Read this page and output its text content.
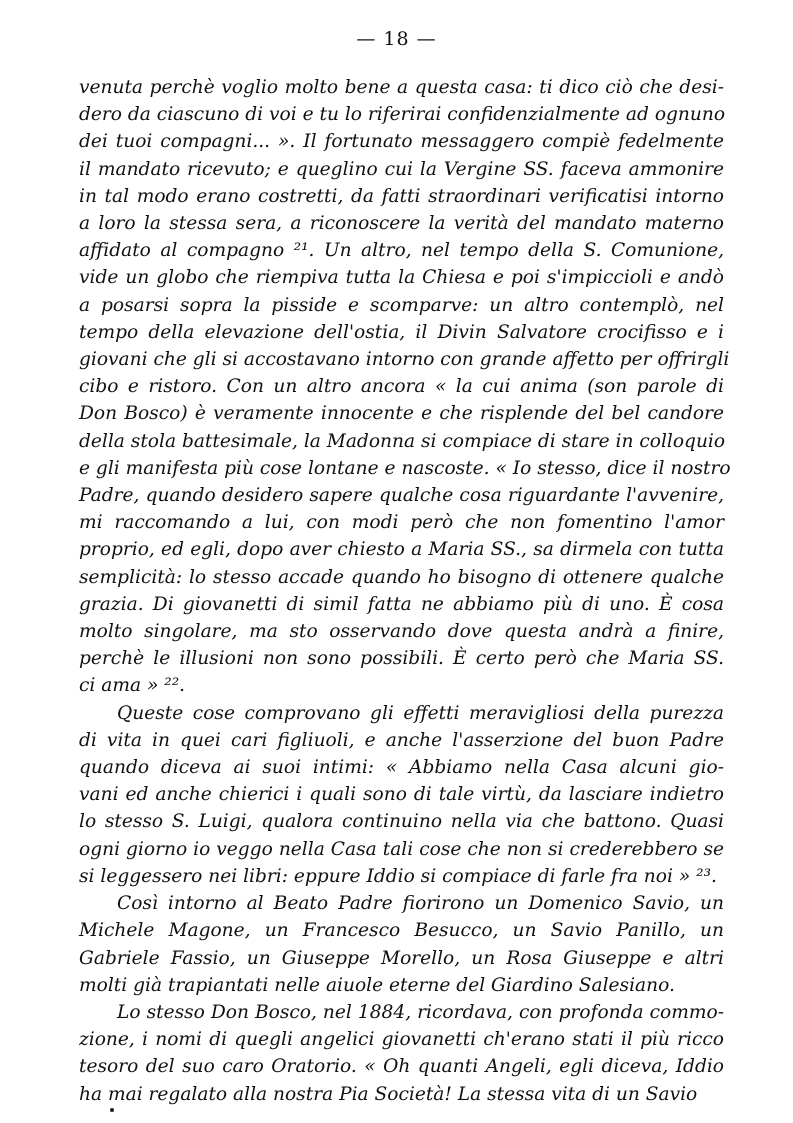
— 18 —
venuta perchè voglio molto bene a questa casa: ti dico ciò che desi-
dero da ciascuno di voi e tu lo riferirai confidenzialmente ad ognuno
dei tuoi compagni... ». Il fortunato messaggero compiè fedelmente
il mandato ricevuto; e queglino cui la Vergine SS. faceva ammonire
in tal modo erano costretti, da fatti straordinari verificatisi intorno
a loro la stessa sera, a riconoscere la verità del mandato materno
affidato al compagno ²¹. Un altro, nel tempo della S. Comunione,
vide un globo che riempiva tutta la Chiesa e poi s'impiccioli e andò
a posarsi sopra la pisside e scomparve: un altro contemplò, nel
tempo della elevazione dell'ostia, il Divin Salvatore crocifisso e i
giovani che gli si accostavano intorno con grande affetto per offrirgli
cibo e ristoro. Con un altro ancora « la cui anima (son parole di
Don Bosco) è veramente innocente e che risplende del bel candore
della stola battesimale, la Madonna si compiace di stare in colloquio
e gli manifesta più cose lontane e nascoste. « Io stesso, dice il nostro
Padre, quando desidero sapere qualche cosa riguardante l'avvenire,
mi raccomando a lui, con modi però che non fomentino l'amor
proprio, ed egli, dopo aver chiesto a Maria SS., sa dirmela con tutta
semplicità: lo stesso accade quando ho bisogno di ottenere qualche
grazia. Di giovanetti di simil fatta ne abbiamo più di uno. È cosa
molto singolare, ma sto osservando dove questa andrà a finire,
perchè le illusioni non sono possibili. È certo però che Maria SS.
ci ama » ²².
Queste cose comprovano gli effetti meravigliosi della purezza
di vita in quei cari figliuoli, e anche l'asserzione del buon Padre
quando diceva ai suoi intimi: « Abbiamo nella Casa alcuni gio-
vani ed anche chierici i quali sono di tale virtù, da lasciare indietro
lo stesso S. Luigi, qualora continuino nella via che battono. Quasi
ogni giorno io veggo nella Casa tali cose che non si crederebbero se
si leggessero nei libri: eppure Iddio si compiace di farle fra noi » ²³.
Così intorno al Beato Padre fiorirono un Domenico Savio, un
Michele Magone, un Francesco Besucco, un Savio Panillo, un
Gabriele Fassio, un Giuseppe Morello, un Rosa Giuseppe e altri
molti già trapiantati nelle aiuole eterne del Giardino Salesiano.
Lo stesso Don Bosco, nel 1884, ricordava, con profonda commo-
zione, i nomi di quegli angelici giovanetti ch'erano stati il più ricco
tesoro del suo caro Oratorio. « Oh quanti Angeli, egli diceva, Iddio
ha mai regalato alla nostra Pia Società! La stessa vita di un Savio
